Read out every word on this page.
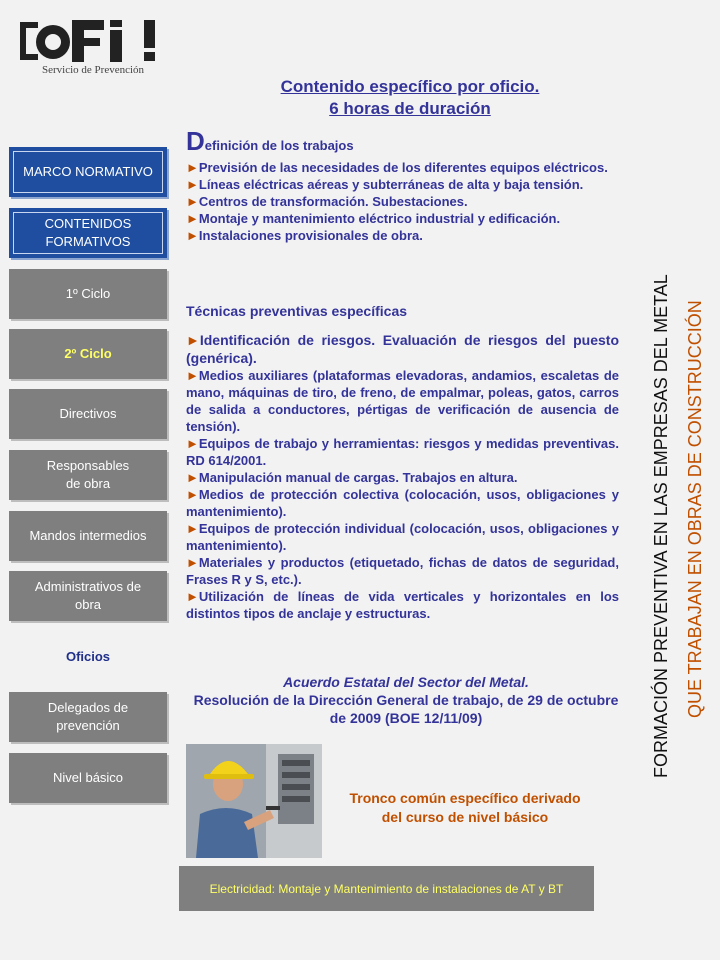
Servicio de Prevención
Contenido específico por oficio.
6 horas de duración
MARCO NORMATIVO
CONTENIDOS FORMATIVOS
1º Ciclo
2º Ciclo
Directivos
Responsables de obra
Mandos intermedios
Administrativos de obra
Oficios
Delegados de prevención
Nivel básico
Definición de los trabajos

►Previsión de las necesidades de los diferentes equipos eléctricos.

►Líneas eléctricas aéreas y subterráneas de alta y baja tensión.

►Centros de transformación. Subestaciones.

►Montaje y mantenimiento eléctrico industrial y edificación.

►Instalaciones provisionales de obra.

Técnicas preventivas específicas

►Identificación de riesgos. Evaluación de riesgos del puesto (genérica).

►Medios auxiliares (plataformas elevadoras, andamios, escaletas de mano, máquinas de tiro, de freno, de empalmar, poleas, gatos, carros de salida a conductores, pértigas de verificación de ausencia de tensión).

►Equipos de trabajo y herramientas: riesgos y medidas preventivas. RD 614/2001.

►Manipulación manual de cargas. Trabajos en altura.

►Medios de protección colectiva (colocación, usos, obligaciones y mantenimiento).

►Equipos de protección individual (colocación, usos, obligaciones y mantenimiento).

►Materiales y productos (etiquetado, fichas de datos de seguridad, Frases R y S, etc.).

►Utilización de líneas de vida verticales y horizontales en los distintos tipos de anclaje y estructuras.

Acuerdo Estatal del Sector del Metal.
Resolución de la Dirección General de trabajo, de 29 de octubre de 2009 (BOE 12/11/09)
Tronco común específico derivado
del curso de nivel básico
Electricidad: Montaje y Mantenimiento de instalaciones de AT y BT
FORMACIÓN PREVENTIVA EN LAS EMPRESAS DEL METAL QUE TRABAJAN EN OBRAS DE CONSTRUCCIÓN
